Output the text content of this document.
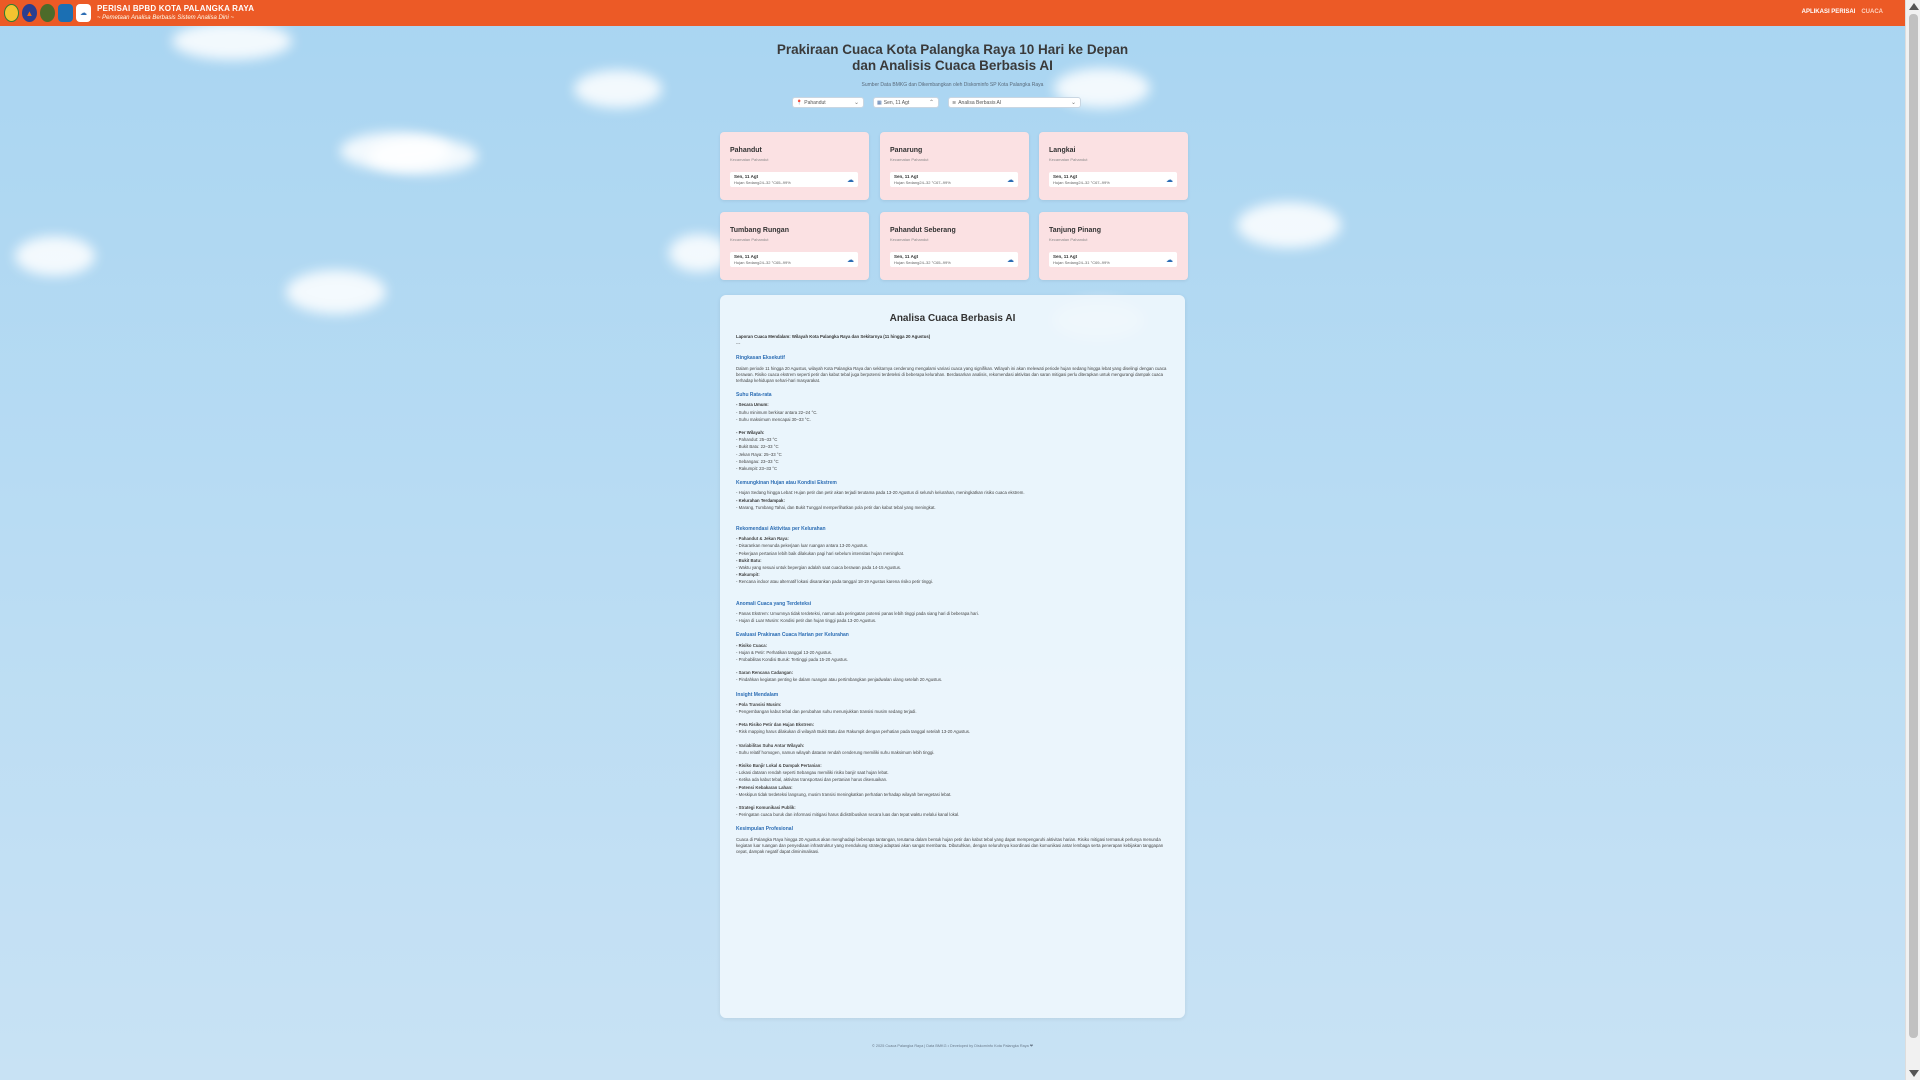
▲	☁
PERISAI BPBD KOTA PALANGKA RAYA
~ Pemetaan Analisa Berbasis Sistem Analisa Dini ~
APLIKASI PERISAI CUACA
Prakiraan Cuaca Kota Palangka Raya 10 Hari ke Depan
dan Analisis Cuaca Berbasis AI
Sumber Data BMKG dan Dikembangkan oleh Diskominfo SP Kota Palangka Raya
📍 Pahandut	⌄	▦ Sen, 11 Agt	⌃	≋ Analisa Berbasis AI	⌄
Pahandut
Kecamatan Pahandut
Sen, 11 Agt
Hujan Sedang24–32 °C65–99%	☁
Panarung
Kecamatan Pahandut
Sen, 11 Agt
Hujan Sedang24–32 °C67–99%	☁
Langkai
Kecamatan Pahandut
Sen, 11 Agt
Hujan Sedang24–32 °C67–99%	☁
Tumbang Rungan
Kecamatan Pahandut
Sen, 11 Agt
Hujan Sedang24–32 °C65–99%	☁
Pahandut Seberang
Kecamatan Pahandut
Sen, 11 Agt
Hujan Sedang24–32 °C65–99%	☁
Tanjung Pinang
Kecamatan Pahandut
Sen, 11 Agt
Hujan Sedang24–31 °C69–99%	☁
Analisa Cuaca Berbasis AI

Laporan Cuaca Mendalam: Wilayah Kota Palangka Raya dan Sekitarnya (11 hingga 20 Agustus)

---

Ringkasan Eksekutif

Dalam periode 11 hingga 20 Agustus, wilayah Kota Palangka Raya dan sekitarnya cenderung mengalami variasi cuaca yang signifikan. Wilayah ini akan melewati periode hujan sedang hingga lebat yang diselingi dengan cuaca berawan. Risiko cuaca ekstrem seperti petir dan kabut tebal juga berpotensi terdeteksi di beberapa kelurahan. Berdasarkan analisis, rekomendasi aktivitas dan saran mitigasi perlu diterapkan untuk mengurangi dampak cuaca terhadap kehidupan sehari-hari masyarakat.

Suhu Rata-rata

- Secara Umum:

- Suhu minimum berkisar antara 22–24 °C.

- Suhu maksimum mencapai 30–33 °C.

- Per Wilayah:

- Pahandut: 25–33 °C

- Bukit Batu: 22–33 °C

- Jekan Raya: 25–33 °C

- Sebangau: 23–33 °C

- Rakumpit: 23–33 °C

Kemungkinan Hujan atau Kondisi Ekstrem

- Hujan Sedang hingga Lebat: Hujan petir dan petir akan terjadi terutama pada 13-20 Agustus di seluruh kelurahan, meningkatkan risiko cuaca ekstrem.

- Kelurahan Terdampak:

- Marang, Tumbang Tahai, dan Bukit Tunggal memperlihatkan pola petir dan kabut tebal yang meningkat.

Rekomendasi Aktivitas per Kelurahan

- Pahandut & Jekan Raya:

- Disarankan menunda pekerjaan luar ruangan antara 13-20 Agustus.

- Pekerjaan pertanian lebih baik dilakukan pagi hari sebelum intensitas hujan meningkat.

- Bukit Batu:

- Waktu yang sesuai untuk bepergian adalah saat cuaca berawan pada 14-15 Agustus.

- Rakumpit:

- Rencana indoor atau alternatif lokasi disarankan pada tanggal 18-19 Agustus karena risiko petir tinggi.

Anomali Cuaca yang Terdeteksi

- Panas Ekstrem: Umumnya tidak terdeteksi, namun ada peringatan potensi panas lebih tinggi pada siang hari di beberapa hari.

- Hujan di Luar Musim: Kondisi petir dan hujan tinggi pada 13-20 Agustus.

Evaluasi Prakiraan Cuaca Harian per Kelurahan

- Risiko Cuaca:

- Hujan & Petir: Perhatikan tanggal 13-20 Agustus.

- Probabilitas Kondisi Buruk: Tertinggi pada 15-20 Agustus.

- Saran Rencana Cadangan:

- Pindahkan kegiatan penting ke dalam ruangan atau pertimbangkan penjadwalan ulang setelah 20 Agustus.

Insight Mendalam

- Pola Transisi Musim:

- Pengembangan kabut tebal dan perubahan suhu menunjukkan transisi musim sedang terjadi.

- Peta Risiko Petir dan Hujan Ekstrem:

- Risk mapping harus dilakukan di wilayah Bukit Batu dan Rakumpit dengan perhatian pada tanggal setelah 13-20 Agustus.

- Variabilitas Suhu Antar Wilayah:

- Suhu relatif homogen, namun wilayah dataran rendah cenderung memiliki suhu maksimum lebih tinggi.

- Risiko Banjir Lokal & Dampak Pertanian:

- Lokasi dataran rendah seperti Sebangau memiliki risiko banjir saat hujan lebat.

- Ketika ada kabut tebal, aktivitas transportasi dan pertanian harus disesuaikan.

- Potensi Kebakaran Lahan:

- Meskipun tidak terdeteksi langsung, musim transisi meningkatkan perhatian terhadap wilayah bervegetasi lebat.

- Strategi Komunikasi Publik:

- Peringatan cuaca buruk dan informasi mitigasi harus didistribusikan secara luas dan tepat waktu melalui kanal lokal.

Kesimpulan Profesional

Cuaca di Palangka Raya hingga 20 Agustus akan menghadapi beberapa tantangan, terutama dalam bentuk hujan petir dan kabut tebal yang dapat mempengaruhi aktivitas harian. Risiko mitigasi termasuk perlunya menunda kegiatan luar ruangan dan penyediaan infrastruktur yang mendukung strategi adaptasi akan sangat membantu. Dibutuhkan, dengan seluruhnya koordinasi dan komunikasi antar lembaga serta penerapan kebijakan tanggapan cepat, dampak negatif dapat diminimalisasi.

© 2025 Cuaca Palangka Raya | Data BMKG • Developed by Diskominfo Kota Palangka Raya ❤
